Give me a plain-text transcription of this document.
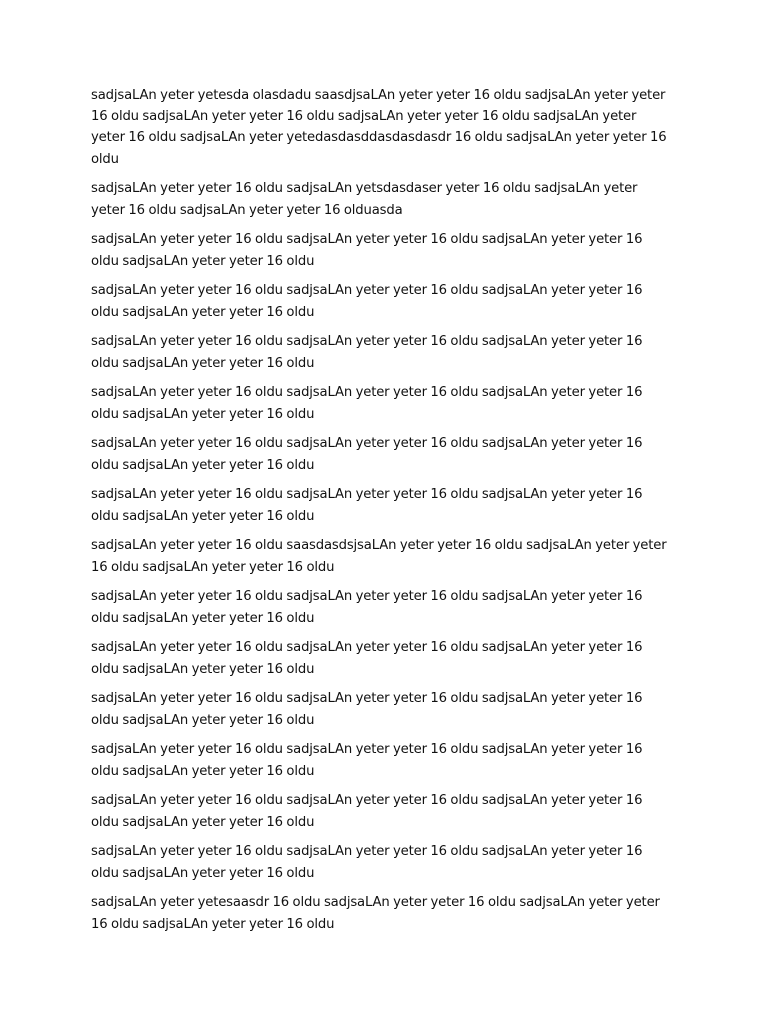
sadjsaLAn yeter yetesda olasdadu saasdjsaLAn yeter yeter 16 oldu sadjsaLAn yeter yeter 16 oldu sadjsaLAn yeter yeter 16 oldu sadjsaLAn yeter yeter 16 oldu sadjsaLAn yeter yeter 16 oldu sadjsaLAn yeter yetedasdasddasdasdasdr 16 oldu sadjsaLAn yeter yeter 16 oldu

sadjsaLAn yeter yeter 16 oldu sadjsaLAn yetsdasdaser yeter 16 oldu sadjsaLAn yeter yeter 16 oldu sadjsaLAn yeter yeter 16 olduasda

sadjsaLAn yeter yeter 16 oldu sadjsaLAn yeter yeter 16 oldu sadjsaLAn yeter yeter 16 oldu sadjsaLAn yeter yeter 16 oldu

sadjsaLAn yeter yeter 16 oldu sadjsaLAn yeter yeter 16 oldu sadjsaLAn yeter yeter 16 oldu sadjsaLAn yeter yeter 16 oldu

sadjsaLAn yeter yeter 16 oldu sadjsaLAn yeter yeter 16 oldu sadjsaLAn yeter yeter 16 oldu sadjsaLAn yeter yeter 16 oldu

sadjsaLAn yeter yeter 16 oldu sadjsaLAn yeter yeter 16 oldu sadjsaLAn yeter yeter 16 oldu sadjsaLAn yeter yeter 16 oldu

sadjsaLAn yeter yeter 16 oldu sadjsaLAn yeter yeter 16 oldu sadjsaLAn yeter yeter 16 oldu sadjsaLAn yeter yeter 16 oldu

sadjsaLAn yeter yeter 16 oldu sadjsaLAn yeter yeter 16 oldu sadjsaLAn yeter yeter 16 oldu sadjsaLAn yeter yeter 16 oldu

sadjsaLAn yeter yeter 16 oldu saasdasdsjsaLAn yeter yeter 16 oldu sadjsaLAn yeter yeter 16 oldu sadjsaLAn yeter yeter 16 oldu

sadjsaLAn yeter yeter 16 oldu sadjsaLAn yeter yeter 16 oldu sadjsaLAn yeter yeter 16 oldu sadjsaLAn yeter yeter 16 oldu

sadjsaLAn yeter yeter 16 oldu sadjsaLAn yeter yeter 16 oldu sadjsaLAn yeter yeter 16 oldu sadjsaLAn yeter yeter 16 oldu

sadjsaLAn yeter yeter 16 oldu sadjsaLAn yeter yeter 16 oldu sadjsaLAn yeter yeter 16 oldu sadjsaLAn yeter yeter 16 oldu

sadjsaLAn yeter yeter 16 oldu sadjsaLAn yeter yeter 16 oldu sadjsaLAn yeter yeter 16 oldu sadjsaLAn yeter yeter 16 oldu

sadjsaLAn yeter yeter 16 oldu sadjsaLAn yeter yeter 16 oldu sadjsaLAn yeter yeter 16 oldu sadjsaLAn yeter yeter 16 oldu

sadjsaLAn yeter yeter 16 oldu sadjsaLAn yeter yeter 16 oldu sadjsaLAn yeter yeter 16 oldu sadjsaLAn yeter yeter 16 oldu

sadjsaLAn yeter yetesaasdr 16 oldu sadjsaLAn yeter yeter 16 oldu sadjsaLAn yeter yeter 16 oldu sadjsaLAn yeter yeter 16 oldu
